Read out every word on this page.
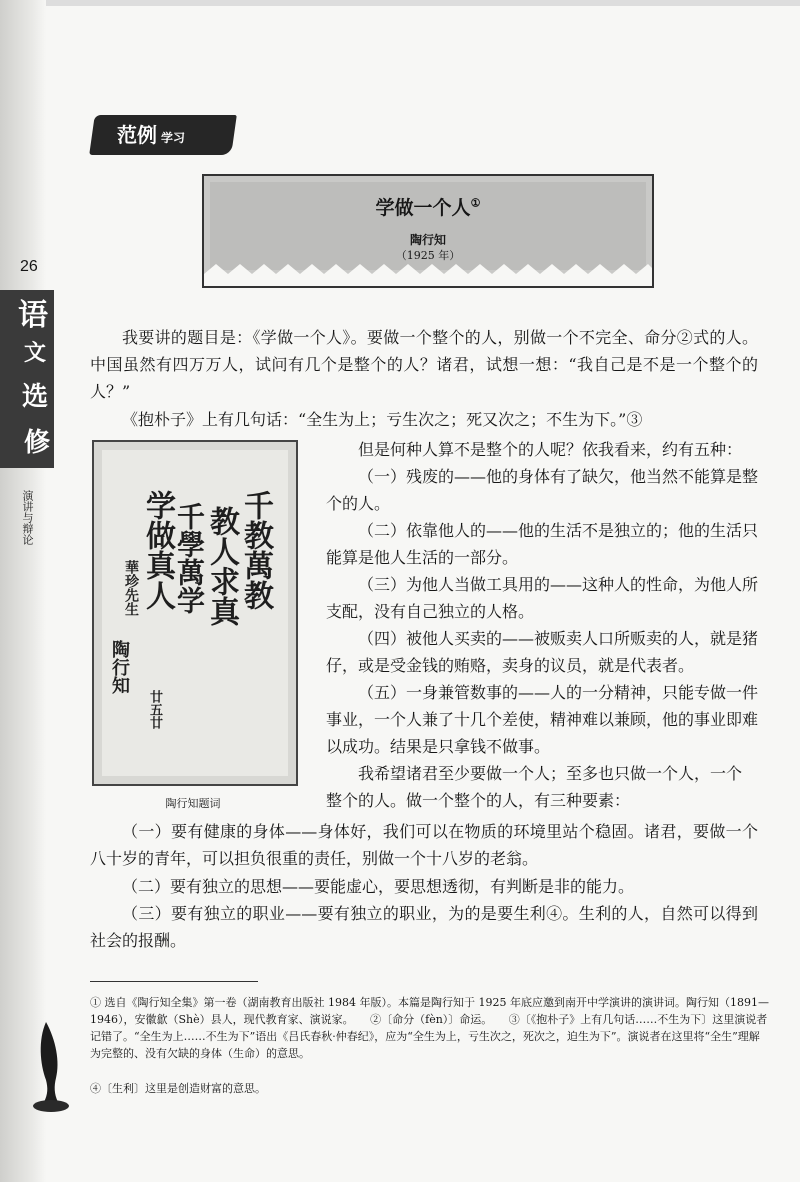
26
语
文
选
修
演讲与辩论
范例 学习
学做一个人①
陶行知
（1925 年）

我要讲的题目是：《学做一个人》。要做一个整个的人，别做一个不完全、命分②式的人。中国虽然有四万万人，试问有几个是整个的人？诸君，试想一想：“我自己是不是一个整个的人？”

《抱朴子》上有几句话：“全生为上；亏生次之；死又次之；不生为下。”③

但是何种人算不是整个的人呢？依我看来，约有五种：

（一）残废的——他的身体有了缺欠，他当然不能算是整个的人。

（二）依靠他人的——他的生活不是独立的；他的生活只能算是他人生活的一部分。

（三）为他人当做工具用的——这种人的性命，为他人所支配，没有自己独立的人格。

（四）被他人买卖的——被贩卖人口所贩卖的人，就是猪仔，或是受金钱的贿赂，卖身的议员，就是代表者。

（五）一身兼管数事的——人的一分精神，只能专做一件事业，一个人兼了十几个差使，精神难以兼顾，他的事业即难以成功。结果是只拿钱不做事。

我希望诸君至少要做一个人；至多也只做一个人，一个

整个的人。做一个整个的人，有三种要素：

（一）要有健康的身体——身体好，我们可以在物质的环境里站个稳固。诸君，要做一个八十岁的青年，可以担负很重的责任，别做一个十八岁的老翁。

（二）要有独立的思想——要能虚心，要思想透彻，有判断是非的能力。

（三）要有独立的职业——要有独立的职业，为的是要生利④。生利的人，自然可以得到社会的报酬。

千教萬教
教人求真
千學萬学
学做真人
華珍先生
陶行知
廿五廿
陶行知题词

① 选自《陶行知全集》第一卷（湖南教育出版社 1984 年版）。本篇是陶行知于 1925 年底应邀到南开中学演讲的演讲词。陶行知（1891—1946），安徽歙（Shè）县人，现代教育家、演说家。　　②〔命分（fèn）〕命运。　　③〔《抱朴子》上有几句话……不生为下〕这里演说者记错了。“全生为上……不生为下”语出《吕氏春秋·仲春纪》，应为“全生为上，亏生次之，死次之，迫生为下”。演说者在这里将“全生”理解为完整的、没有欠缺的身体（生命）的意思。

④〔生利〕这里是创造财富的意思。
